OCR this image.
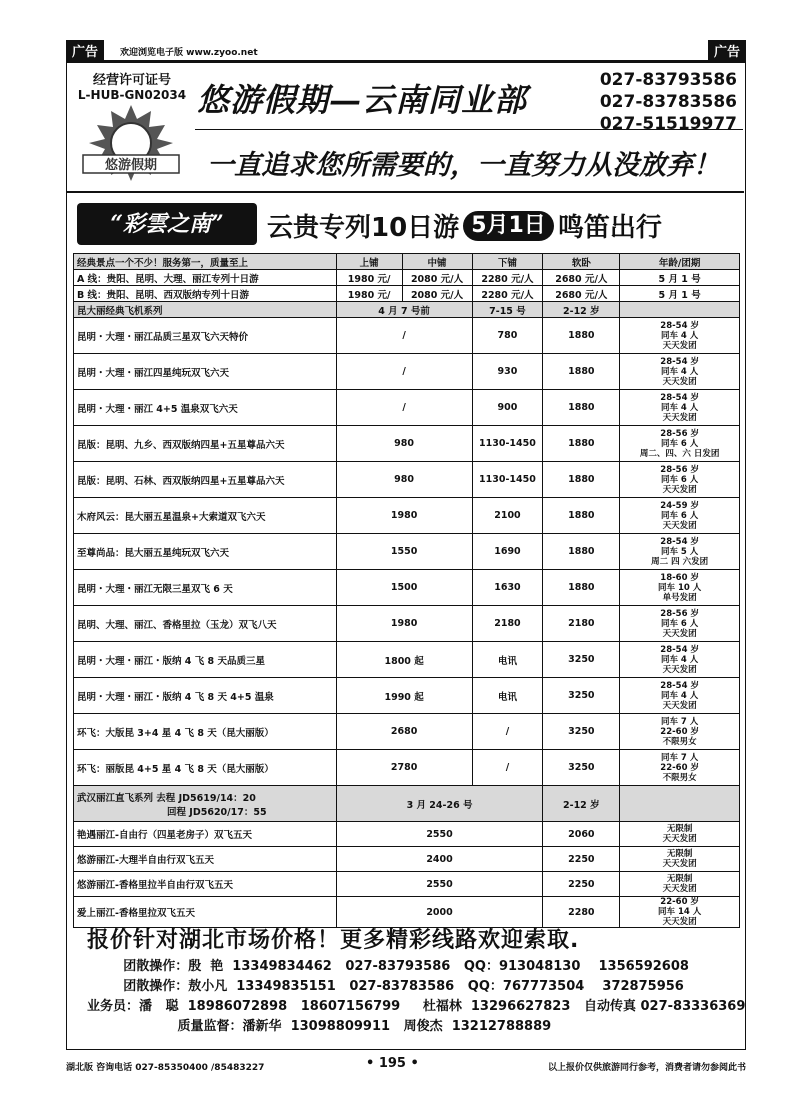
广告	欢迎浏览电子版 www.zyoo.net	广告
经营许可证号
L-HUB-GN02034
悠游假期
悠游假期—云南同业部
027-83793586
027-83783586
027-51519977
一直追求您所需要的，一直努力从没放弃！
“彩雲之南”	云贵专列10日游 5月1日 鸣笛出行
经典景点一个不少！服务第一，质量至上	上铺	中铺	下铺	软卧	年龄/团期
A 线：贵阳、昆明、大理、丽江专列十日游	1980 元/	2080 元/人	2280 元/人	2680 元/人	5 月 1 号
B 线：贵阳、昆明、西双版纳专列十日游	1980 元/	2080 元/人	2280 元/人	2680 元/人	5 月 1 号
昆大丽经典飞机系列	4 月 7 号前		7-15 号	2-12 岁	
昆明・大理・丽江品质三星双飞六天特价	/		780	1880	28-54 岁
同车 4 人
天天发团

昆明・大理・丽江四星纯玩双飞六天	/		930	1880	28-54 岁
同车 4 人
天天发团

昆明・大理・丽江 4+5 温泉双飞六天	/		900	1880	28-54 岁
同车 4 人
天天发团

昆版：昆明、九乡、西双版纳四星+五星尊品六天	980		1130-1450	1880	28-56 岁
同车 6 人
周二、四、六 日发团

昆版：昆明、石林、西双版纳四星+五星尊品六天	980		1130-1450	1880	28-56 岁
同车 6 人
天天发团

木府风云：昆大丽五星温泉+大索道双飞六天	1980		2100	1880	24-59 岁
同车 6 人
天天发团

至尊尚品：昆大丽五星纯玩双飞六天	1550		1690	1880	28-54 岁
同车 5 人
周二 四 六发团

昆明・大理・丽江无限三星双飞 6 天	1500		1630	1880	18-60 岁
同车 10 人
单号发团

昆明、大理、丽江、香格里拉（玉龙）双飞八天	1980		2180	2180	28-56 岁
同车 6 人
天天发团

昆明・大理・丽江・版纳 4 飞 8 天品质三星	1800 起		电讯	3250	28-54 岁
同车 4 人
天天发团

昆明・大理・丽江・版纳 4 飞 8 天 4+5 温泉	1990 起		电讯	3250	28-54 岁
同车 4 人
天天发团

环飞：大版昆 3+4 星 4 飞 8 天（昆大丽版）	2680		/	3250	同车 7 人
22-60 岁
不限男女

环飞：丽版昆 4+5 星 4 飞 8 天（昆大丽版）	2780		/	3250	同车 7 人
22-60 岁
不限男女

武汉丽江直飞系列 去程 JD5619/14：20
回程 JD5620/17：55	3 月 24-26 号			2-12 岁	
艳遇丽江-自由行（四星老房子）双飞五天	2550			2060	无限制
天天发团

悠游丽江-大理半自由行双飞五天	2400			2250	无限制
天天发团

悠游丽江-香格里拉半自由行双飞五天	2550			2250	无限制
天天发团

爱上丽江-香格里拉双飞五天	2000			2280	22-60 岁
同车 14 人
天天发团
报价针对湖北市场价格！更多精彩线路欢迎索取.
团散操作：殷  艳  13349834462   027-83793586   QQ：913048130    1356592608
团散操作：敖小凡  13349835151   027-83783586   QQ：767773504    372875956
业务员：潘   聪  18986072898   18607156799     杜福林  13296627823   自动传真 027-83336369
质量监督：潘新华  13098809911   周俊杰  13212788889
湖北版 咨询电话 027-85350400 /85483227	• 195 •	以上报价仅供旅游同行参考，消费者请勿参阅此书
